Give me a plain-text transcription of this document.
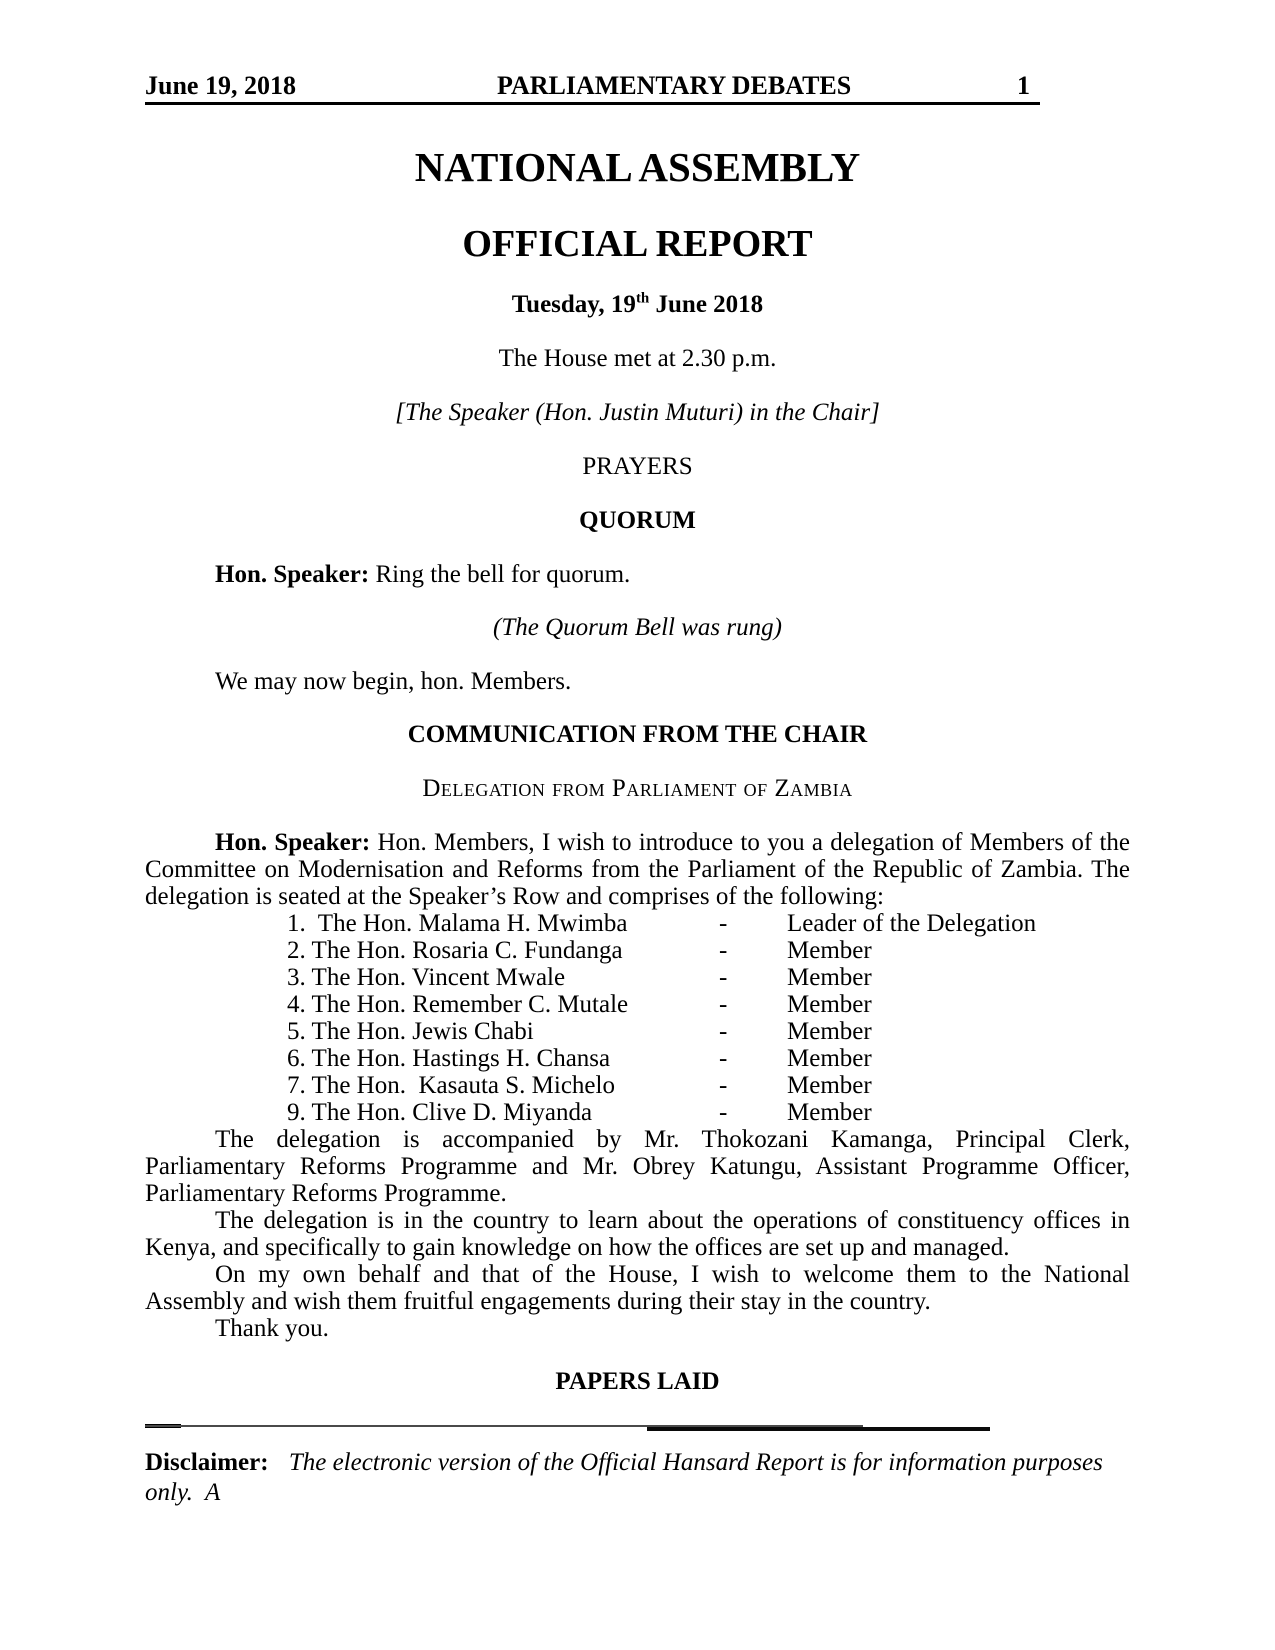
June 19, 2018	PARLIAMENTARY DEBATES	1
NATIONAL ASSEMBLY
OFFICIAL REPORT

Tuesday, 19th June 2018

The House met at 2.30 p.m.

[The Speaker (Hon. Justin Muturi) in the Chair]

PRAYERS

QUORUM

Hon. Speaker: Ring the bell for quorum.

(The Quorum Bell was rung)

We may now begin, hon. Members.

COMMUNICATION FROM THE CHAIR

Delegation from Parliament of Zambia

Hon. Speaker: Hon. Members, I wish to introduce to you a delegation of Members of the Committee on Modernisation and Reforms from the Parliament of the Republic of Zambia. The delegation is seated at the Speaker’s Row and comprises of the following:

1.  The Hon. Malama H. Mwimba	-	Leader of the Delegation
2. The Hon. Rosaria C. Fundanga	-	Member
3. The Hon. Vincent Mwale	-	Member
4. The Hon. Remember C. Mutale	-	Member
5. The Hon. Jewis Chabi	-	Member
6. The Hon. Hastings H. Chansa	-	Member
7. The Hon.  Kasauta S. Michelo	-	Member
9. The Hon. Clive D. Miyanda	-	Member

The delegation is accompanied by Mr. Thokozani Kamanga, Principal Clerk, Parliamentary Reforms Programme and Mr. Obrey Katungu, Assistant Programme Officer, Parliamentary Reforms Programme.

The delegation is in the country to learn about the operations of constituency offices in Kenya, and specifically to gain knowledge on how the offices are set up and managed.

On my own behalf and that of the House, I wish to welcome them to the National Assembly and wish them fruitful engagements during their stay in the country.

Thank you.

PAPERS LAID

Disclaimer: The electronic version of the Official Hansard Report is for information purposes only.  A
